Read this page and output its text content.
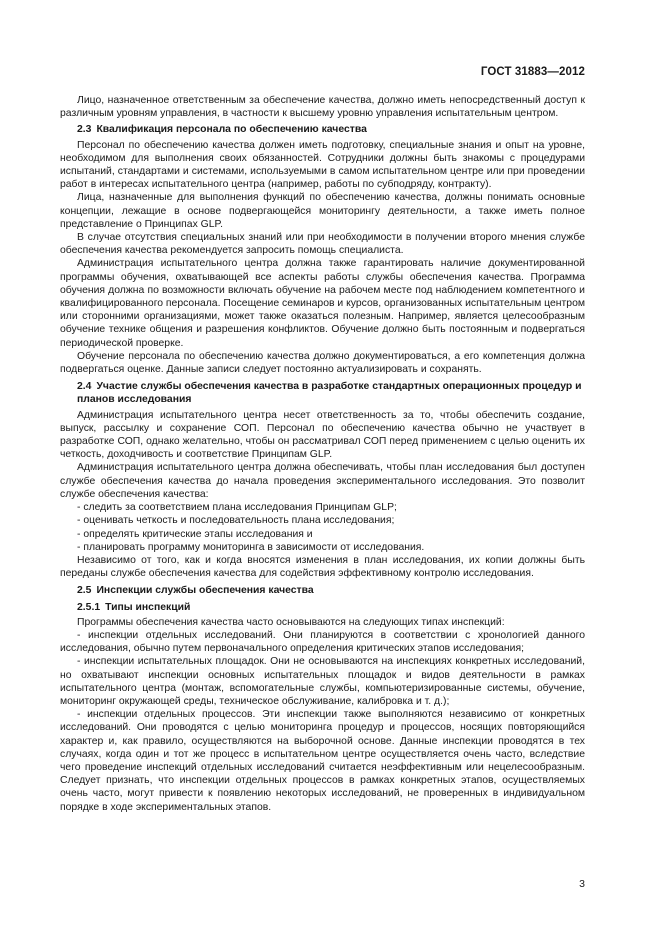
ГОСТ 31883—2012

Лицо, назначенное ответственным за обеспечение качества, должно иметь непосредственный доступ к различным уровням управления, в частности к высшему уровню управления испытательным центром.

2.3 Квалификация персонала по обеспечению качества

Персонал по обеспечению качества должен иметь подготовку, специальные знания и опыт на уровне, необходимом для выполнения своих обязанностей. Сотрудники должны быть знакомы с процедурами испытаний, стандартами и системами, используемыми в самом испытательном центре или при проведении работ в интересах испытательного центра (например, работы по субподряду, контракту).

Лица, назначенные для выполнения функций по обеспечению качества, должны понимать основные концепции, лежащие в основе подвергающейся мониторингу деятельности, а также иметь полное представление о Принципах GLP.

В случае отсутствия специальных знаний или при необходимости в получении второго мнения службе обеспечения качества рекомендуется запросить помощь специалиста.

Администрация испытательного центра должна также гарантировать наличие документированной программы обучения, охватывающей все аспекты работы службы обеспечения качества. Программа обучения должна по возможности включать обучение на рабочем месте под наблюдением компетентного и квалифицированного персонала. Посещение семинаров и курсов, организованных испытательным центром или сторонними организациями, может также оказаться полезным. Например, является целесообразным обучение технике общения и разрешения конфликтов. Обучение должно быть постоянным и подвергаться периодической проверке.

Обучение персонала по обеспечению качества должно документироваться, а его компетенция должна подвергаться оценке. Данные записи следует постоянно актуализировать и сохранять.

2.4 Участие службы обеспечения качества в разработке стандартных операционных процедур и планов исследования

Администрация испытательного центра несет ответственность за то, чтобы обеспечить создание, выпуск, рассылку и сохранение СОП. Персонал по обеспечению качества обычно не участвует в разработке СОП, однако желательно, чтобы он рассматривал СОП перед применением с целью оценить их четкость, доходчивость и соответствие Принципам GLP.

Администрация испытательного центра должна обеспечивать, чтобы план исследования был доступен службе обеспечения качества до начала проведения экспериментального исследования. Это позволит службе обеспечения качества:

- следить за соответствием плана исследования Принципам GLP;

- оценивать четкость и последовательность плана исследования;

- определять критические этапы исследования и

- планировать программу мониторинга в зависимости от исследования.

Независимо от того, как и когда вносятся изменения в план исследования, их копии должны быть переданы службе обеспечения качества для содействия эффективному контролю исследования.

2.5 Инспекции службы обеспечения качества
2.5.1 Типы инспекций

Программы обеспечения качества часто основываются на следующих типах инспекций:

- инспекции отдельных исследований. Они планируются в соответствии с хронологией данного исследования, обычно путем первоначального определения критических этапов исследования;

- инспекции испытательных площадок. Они не основываются на инспекциях конкретных исследований, но охватывают инспекции основных испытательных площадок и видов деятельности в рамках испытательного центра (монтаж, вспомогательные службы, компьютеризированные системы, обучение, мониторинг окружающей среды, техническое обслуживание, калибровка и т. д.);

- инспекции отдельных процессов. Эти инспекции также выполняются независимо от конкретных исследований. Они проводятся с целью мониторинга процедур и процессов, носящих повторяющийся характер и, как правило, осуществляются на выборочной основе. Данные инспекции проводятся в тех случаях, когда один и тот же процесс в испытательном центре осуществляется очень часто, вследствие чего проведение инспекций отдельных исследований считается неэффективным или нецелесообразным. Следует признать, что инспекции отдельных процессов в рамках конкретных этапов, осуществляемых очень часто, могут привести к появлению некоторых исследований, не проверенных в индивидуальном порядке в ходе экспериментальных этапов.

3
